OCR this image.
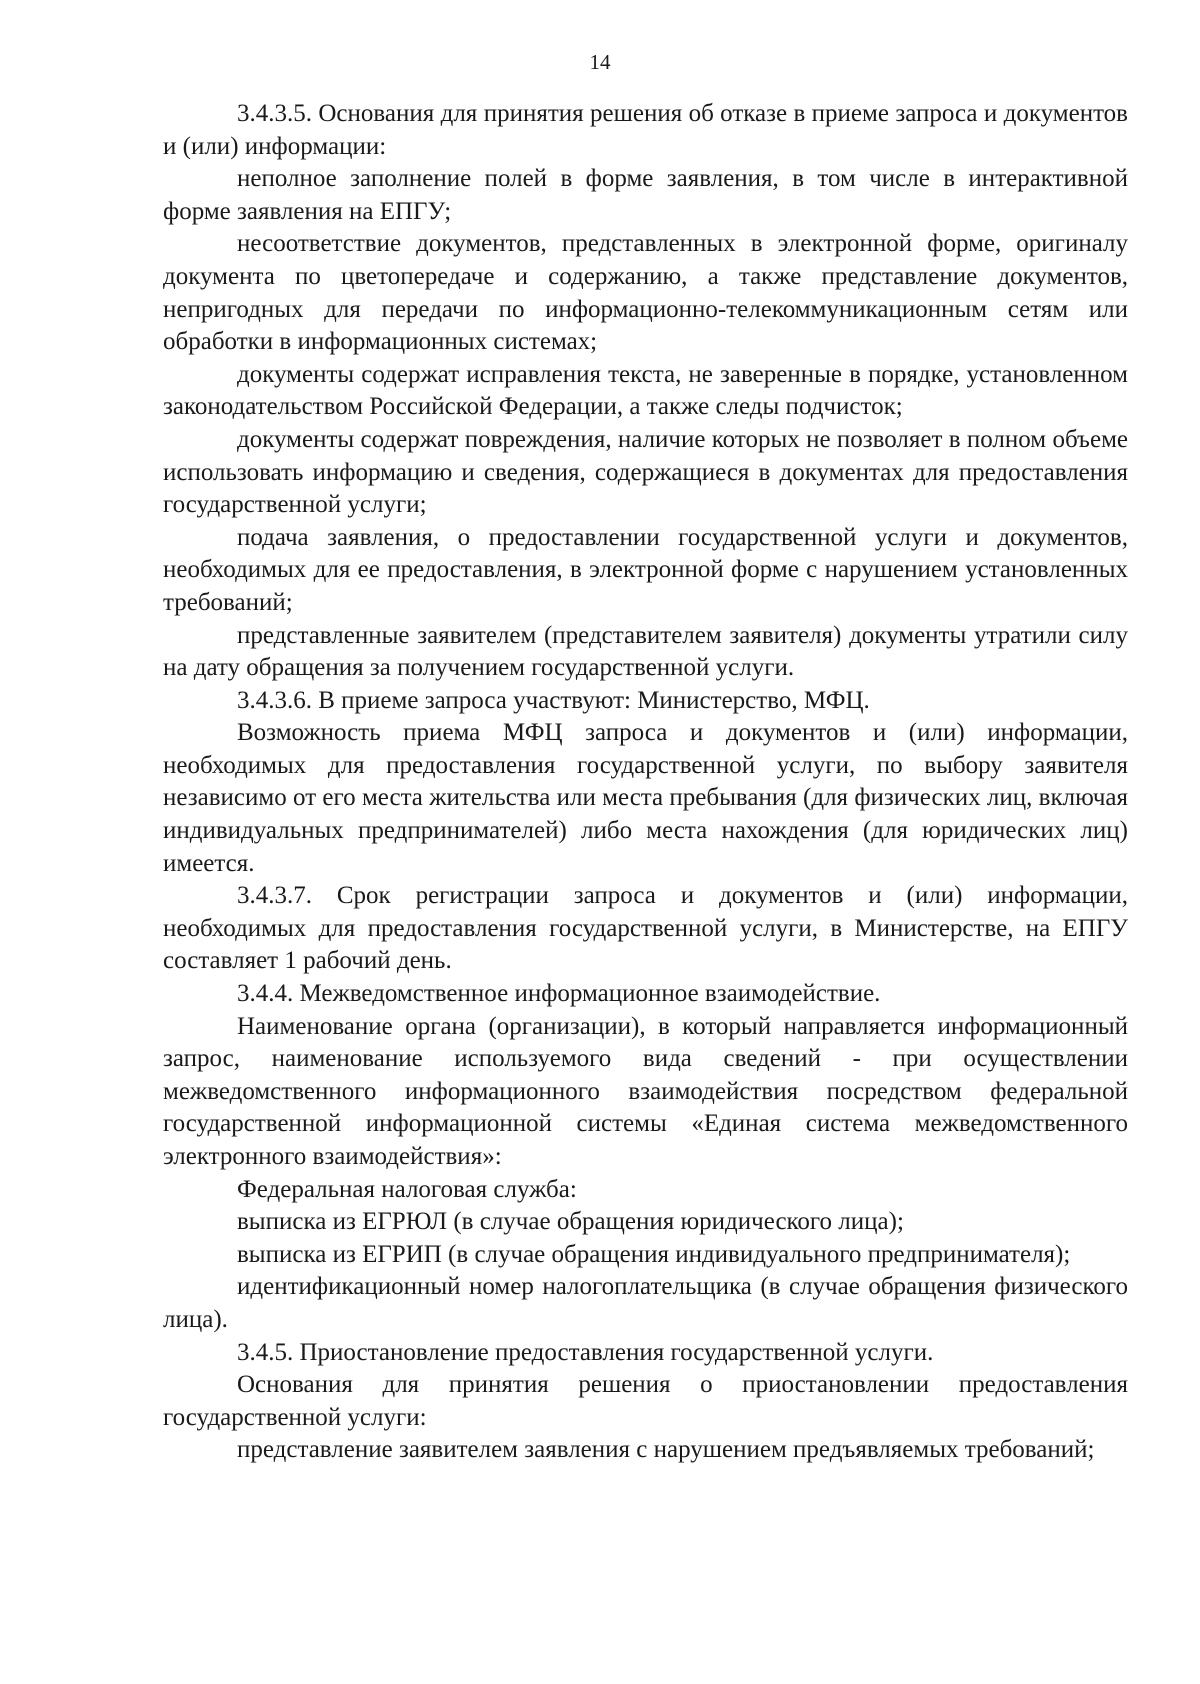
14

3.4.3.5. Основания для принятия решения об отказе в приеме запроса и документов и (или) информации:

неполное заполнение полей в форме заявления, в том числе в интерактивной форме заявления на ЕПГУ;

несоответствие документов, представленных в электронной форме, оригиналу документа по цветопередаче и содержанию, а также представление документов, непригодных для передачи по информационно-телекоммуникационным сетям или обработки в информационных системах;

документы содержат исправления текста, не заверенные в порядке, установленном законодательством Российской Федерации, а также следы подчисток;

документы содержат повреждения, наличие которых не позволяет в полном объеме использовать информацию и сведения, содержащиеся в документах для предоставления государственной услуги;

подача заявления, о предоставлении государственной услуги и документов, необходимых для ее предоставления, в электронной форме с нарушением установленных требований;

представленные заявителем (представителем заявителя) документы утратили силу на дату обращения за получением государственной услуги.

3.4.3.6. В приеме запроса участвуют: Министерство, МФЦ.

Возможность приема МФЦ запроса и документов и (или) информации, необходимых для предоставления государственной услуги, по выбору заявителя независимо от его места жительства или места пребывания (для физических лиц, включая индивидуальных предпринимателей) либо места нахождения (для юридических лиц) имеется.

3.4.3.7. Срок регистрации запроса и документов и (или) информации, необходимых для предоставления государственной услуги, в Министерстве, на ЕПГУ составляет 1 рабочий день.

3.4.4. Межведомственное информационное взаимодействие.

Наименование органа (организации), в который направляется информационный запрос, наименование используемого вида сведений - при осуществлении межведомственного информационного взаимодействия посредством федеральной государственной информационной системы «Единая система межведомственного электронного взаимодействия»:

Федеральная налоговая служба:

выписка из ЕГРЮЛ (в случае обращения юридического лица);

выписка из ЕГРИП (в случае обращения индивидуального предпринимателя);

идентификационный номер налогоплательщика (в случае обращения физического лица).

3.4.5. Приостановление предоставления государственной услуги.

Основания для принятия решения о приостановлении предоставления государственной услуги:

представление заявителем заявления с нарушением предъявляемых требований;
